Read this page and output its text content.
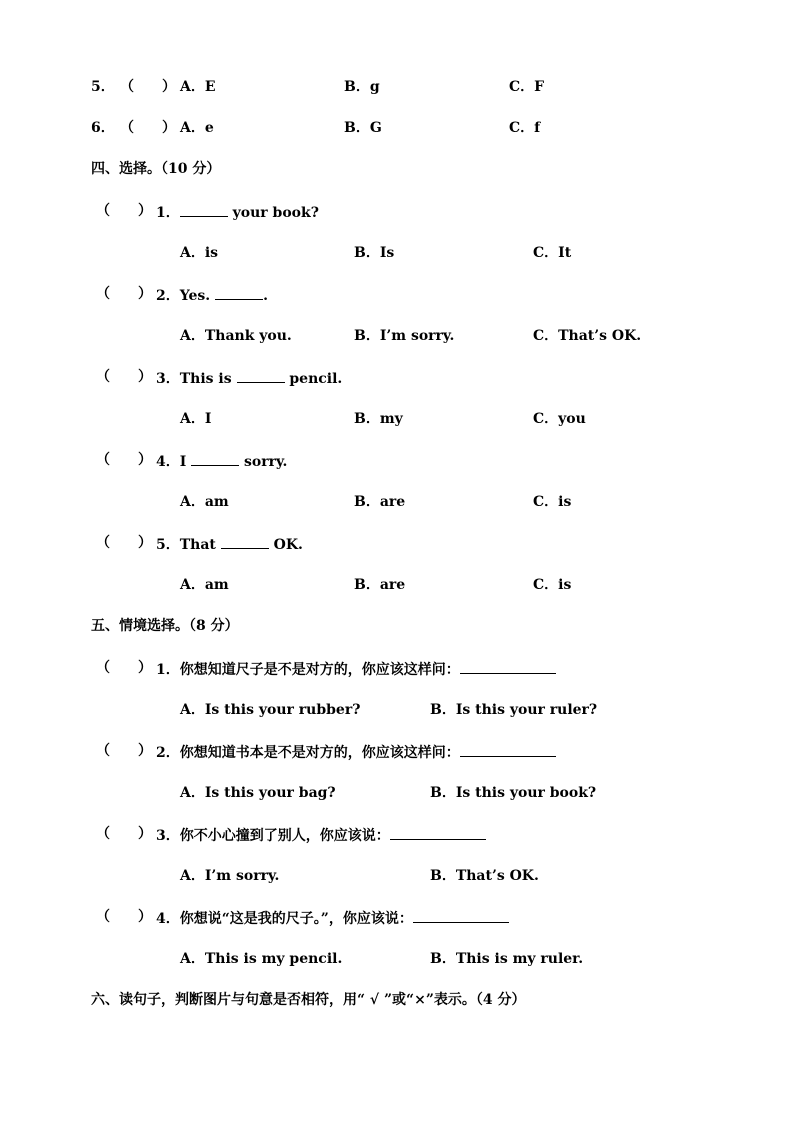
5． （　　） A．E	B．g	C．F
6． （　　） A．e	B．G	C．f
四、选择。（10 分）
（　　） 1．	your book?
A．is	B．Is	C．It
（　　） 2．Yes.	.
A．Thank you.	B．I’m sorry.	C．That’s OK.
（　　） 3．This is	pencil.
A．I	B．my	C．you
（　　） 4．I	sorry.
A．am	B．are	C．is
（　　） 5．That	OK.
A．am	B．are	C．is
五、情境选择。（8 分）
（　　） 1．你想知道尺子是不是对方的，你应该这样问：
A．Is this your rubber?	B．Is this your ruler?
（　　） 2．你想知道书本是不是对方的，你应该这样问：
A．Is this your bag?	B．Is this your book?
（　　） 3．你不小心撞到了别人，你应该说：
A．I’m sorry.	B．That’s OK.
（　　） 4．你想说“这是我的尺子。”，你应该说：
A．This is my pencil.	B．This is my ruler.
六、读句子，判断图片与句意是否相符，用“ √ ”或“×”表示。（4 分）
